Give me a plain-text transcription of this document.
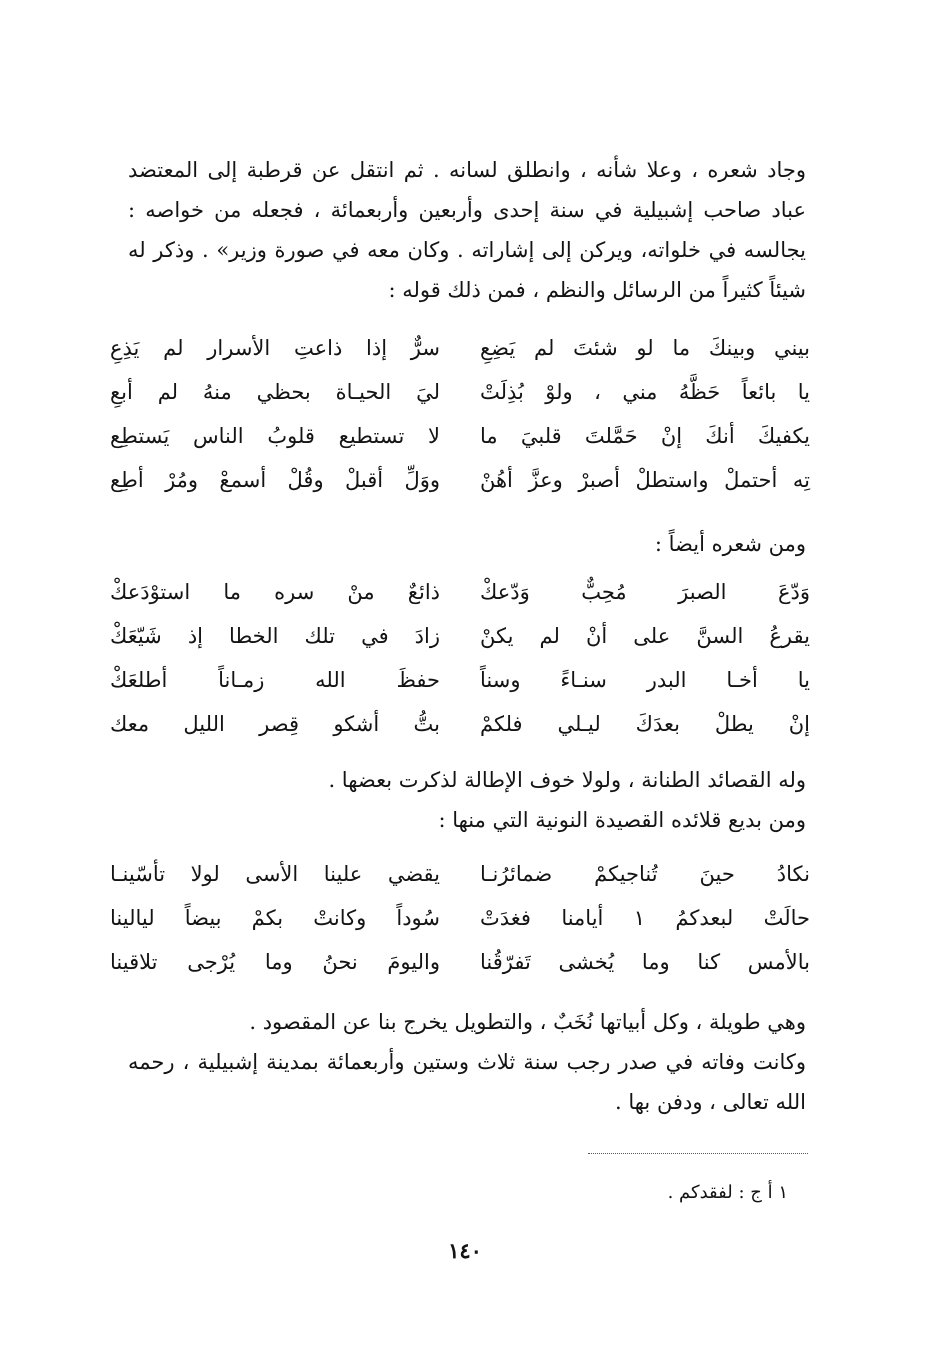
وجاد شعره ، وعلا شأنه ، وانطلق لسانه . ثم انتقل عن قرطبة إلى المعتضد عباد صاحب إشبيلية في سنة إحدى وأربعين وأربعمائة ، فجعله من خواصه : يجالسه في خلواته، ويركن إلى إشاراته . وكان معه في صورة وزير» . وذكر له شيئاً كثيراً من الرسائل والنظم ، فمن ذلك قوله :

بيني وبينكَ ما لو شئتَ لم يَضِعِ
سرٌّ إذا ذاعتِ الأسرار لم يَذِعِ
يا بائعاً حَظَّهُ مني ، ولوْ بُذِلَتْ
ليَ الحيـاة بحظي منهُ لم أبعِ
يكفيكَ أنكَ إنْ حَمَّلتَ قلبيَ ما
لا تستطيع قلوبُ الناس يَستطِع
تِه أحتملْ واستطلْ أصبرْ وعزَّ أهُنْ
ووَلِّ أقبلْ وقُلْ أسمعْ ومُرْ أطِع

ومن شعره أيضاً :

وَدّعَ الصبرَ مُحِبٌّ وَدّعكْ
ذائعٌ منْ سره ما استوْدَعكْ
يقرعُ السنَّ على أنْ لم يكنْ
زادَ في تلك الخطا إذ شَيّعَكْ
يا أخـا البدر سنـاءً وسناً
حفظَ الله زمـاناً أطلعَكْ
إنْ يطلْ بعدَكَ ليـلي فلكمْ
بتُّ أشكو قِصر الليل معك

وله القصائد الطنانة ، ولولا خوف الإطالة لذكرت بعضها .

ومن بديع قلائده القصيدة النونية التي منها :

نكادُ حينَ تُناجيكمْ ضمائرُنـا
يقضي علينا الأسى لولا تأسّينـا
حالَتْ لبعدكمُ ١ أيامنا فغدَتْ
سُوداً وكانتْ بكمْ بيضاً ليالينا
بالأمس كنا وما يُخشى تَفرّقُنا
واليومَ نحنُ وما يُرْجى تلاقينا

وهي طويلة ، وكل أبياتها نُخَبٌ ، والتطويل يخرج بنا عن المقصود .

وكانت وفاته في صدر رجب سنة ثلاث وستين وأربعمائة بمدينة إشبيلية ، رحمه الله تعالى ، ودفن بها .

١ أ ج : لفقدكم .
١٤٠
